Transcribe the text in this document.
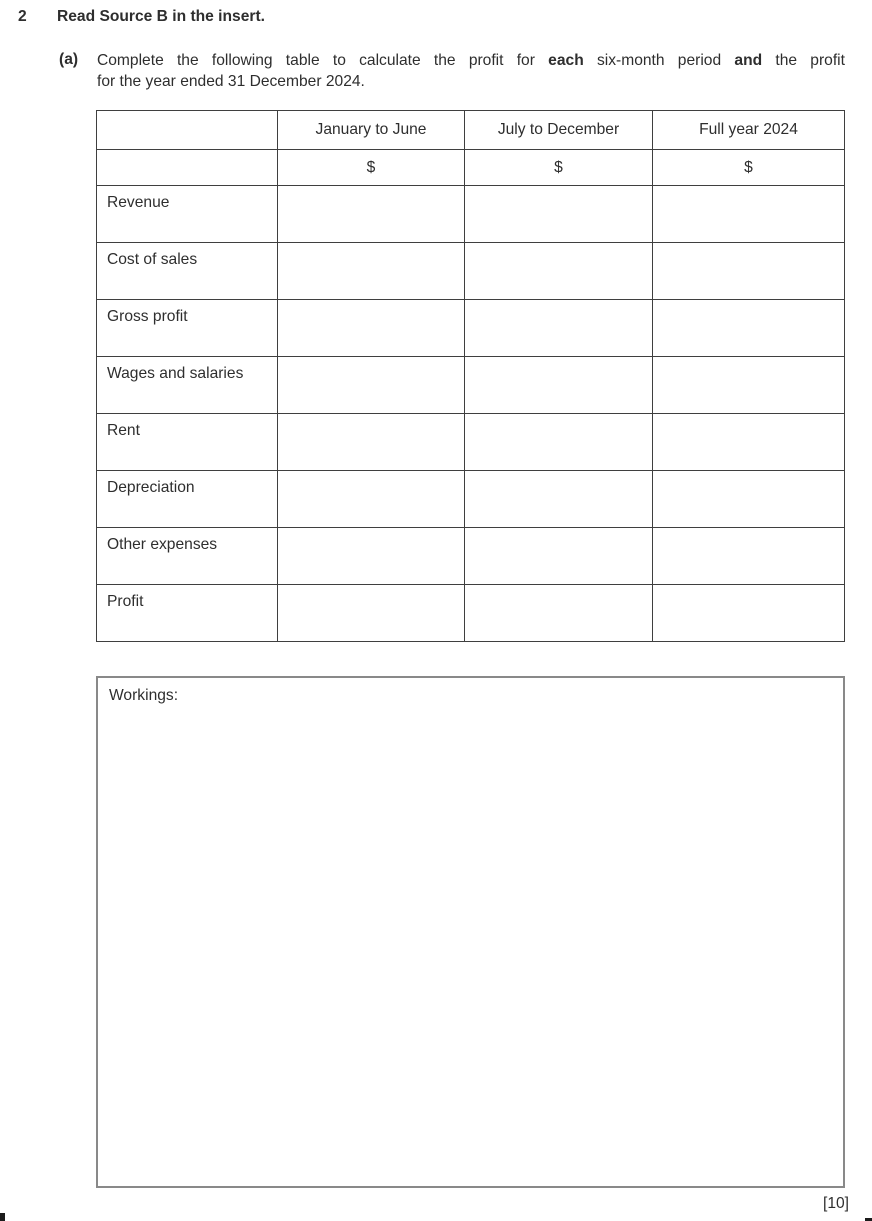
2 Read Source B in the insert.
(a) Complete the following table to calculate the profit for each six-month period and the profit
for the year ended 31 December 2024.
	January to June	July to December	Full year 2024
	$	$	$
Revenue			
Cost of sales			
Gross profit			
Wages and salaries			
Rent			
Depreciation			
Other expenses			
Profit			
Workings:
[10]
